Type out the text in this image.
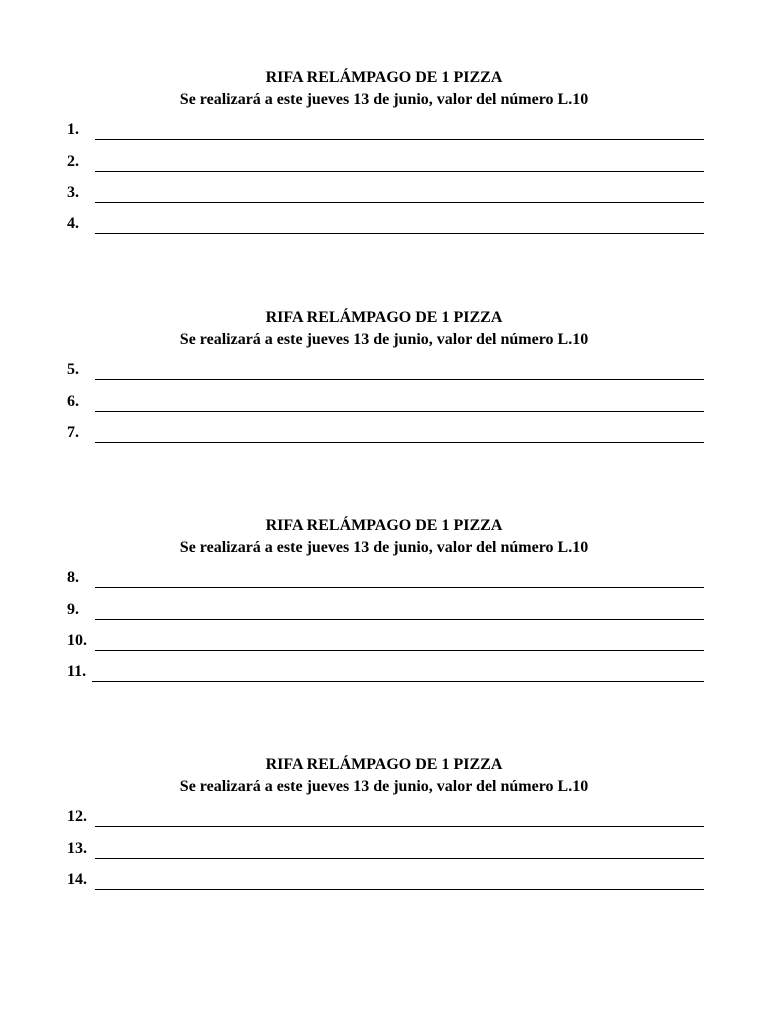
RIFA RELÁMPAGO DE 1 PIZZA
Se realizará a este jueves 13 de junio, valor del número L.10
1.
2.
3.
4.
RIFA RELÁMPAGO DE 1 PIZZA
Se realizará a este jueves 13 de junio, valor del número L.10
5.
6.
7.
RIFA RELÁMPAGO DE 1 PIZZA
Se realizará a este jueves 13 de junio, valor del número L.10
8.
9.
10.
11.
RIFA RELÁMPAGO DE 1 PIZZA
Se realizará a este jueves 13 de junio, valor del número L.10
12.
13.
14.
